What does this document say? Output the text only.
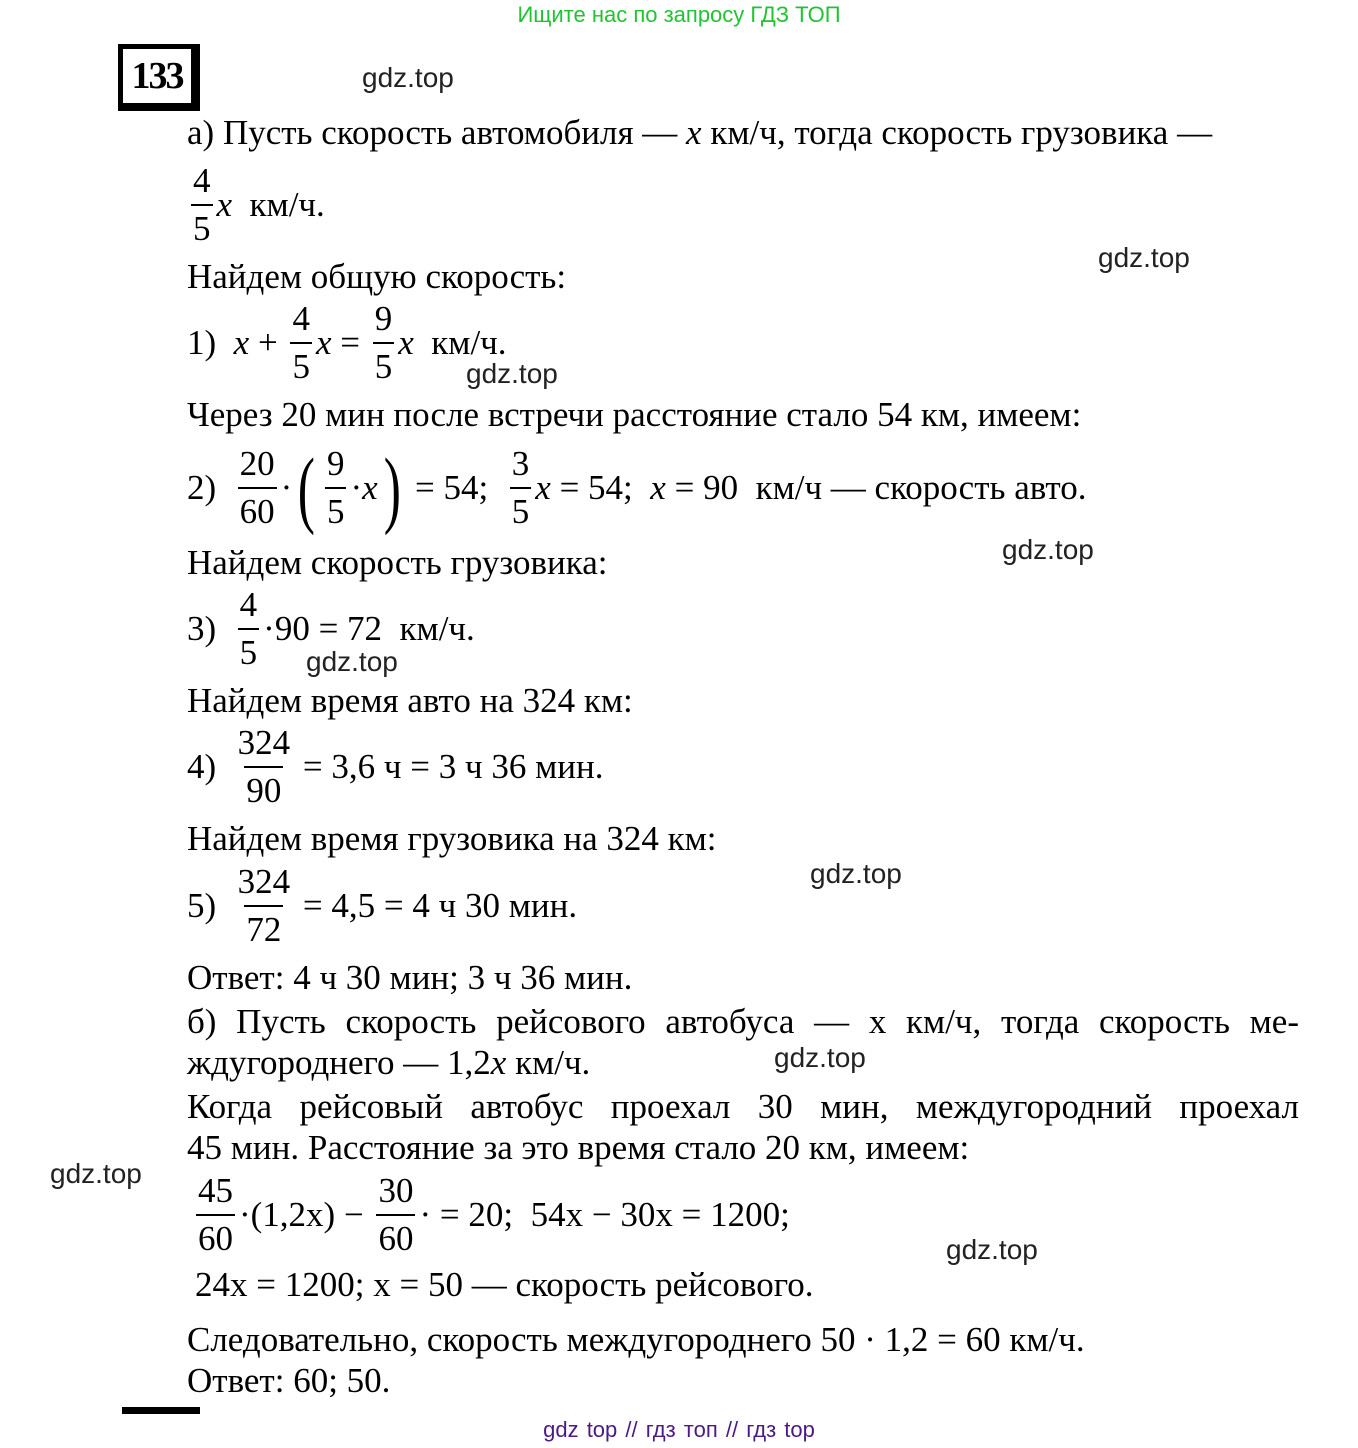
Ищите нас по запросу ГДЗ ТОП
133	gdz.top
gdz.top
gdz.top
gdz.top
gdz.top
gdz.top
gdz.top
gdz.top
gdz.top
а) Пусть скорость автомобиля — x км/ч, тогда скорость грузовика —
$\frac{4}{5}$ x км/ч.
Найдем общую скорость:
1) $x + \frac{4}{5}$ $x = \frac{9}{5}$ x км/ч.
Через 20 мин после встречи расстояние стало 54 км, имеем:
$2) \frac{20}{60}$ · ( $\frac{9}{5} \cdot x$ ) = 54; $\frac{3}{5}$ x = 54; x = 90  км/ч — скорость авто.
Найдем скорость грузовика:
$3) \frac{4}{5} \cdot 90 = 72$  км/ч.
Найдем время авто на 324 км:
$4) \frac{324}{90} = 3,6$ ч = 3 ч 36 мин.
Найдем время грузовика на 324 км:
$5) \frac{324}{72} = 4,5 = 4$ ч 30 мин.
Ответ: 4 ч 30 мин; 3 ч 36 мин.
б) Пусть скорость рейсового автобуса — x км/ч, тогда скорость ме-
ждугороднего — 1,2 x км/ч.
Когда рейсовый автобус проехал 30 мин, междугородний проехал
45 мин. Расстояние за это время стало 20 км, имеем:
$\frac{45}{60} \cdot (1,2x) - \frac{30}{60}$ · = 20;  54x − 30x = 1200;
24x = 1200; x = 50 — скорость рейсового.
Следовательно, скорость междугороднего 50 · 1,2 = 60 км/ч.
Ответ: 60; 50.
gdz top // гдз топ // гдз top
